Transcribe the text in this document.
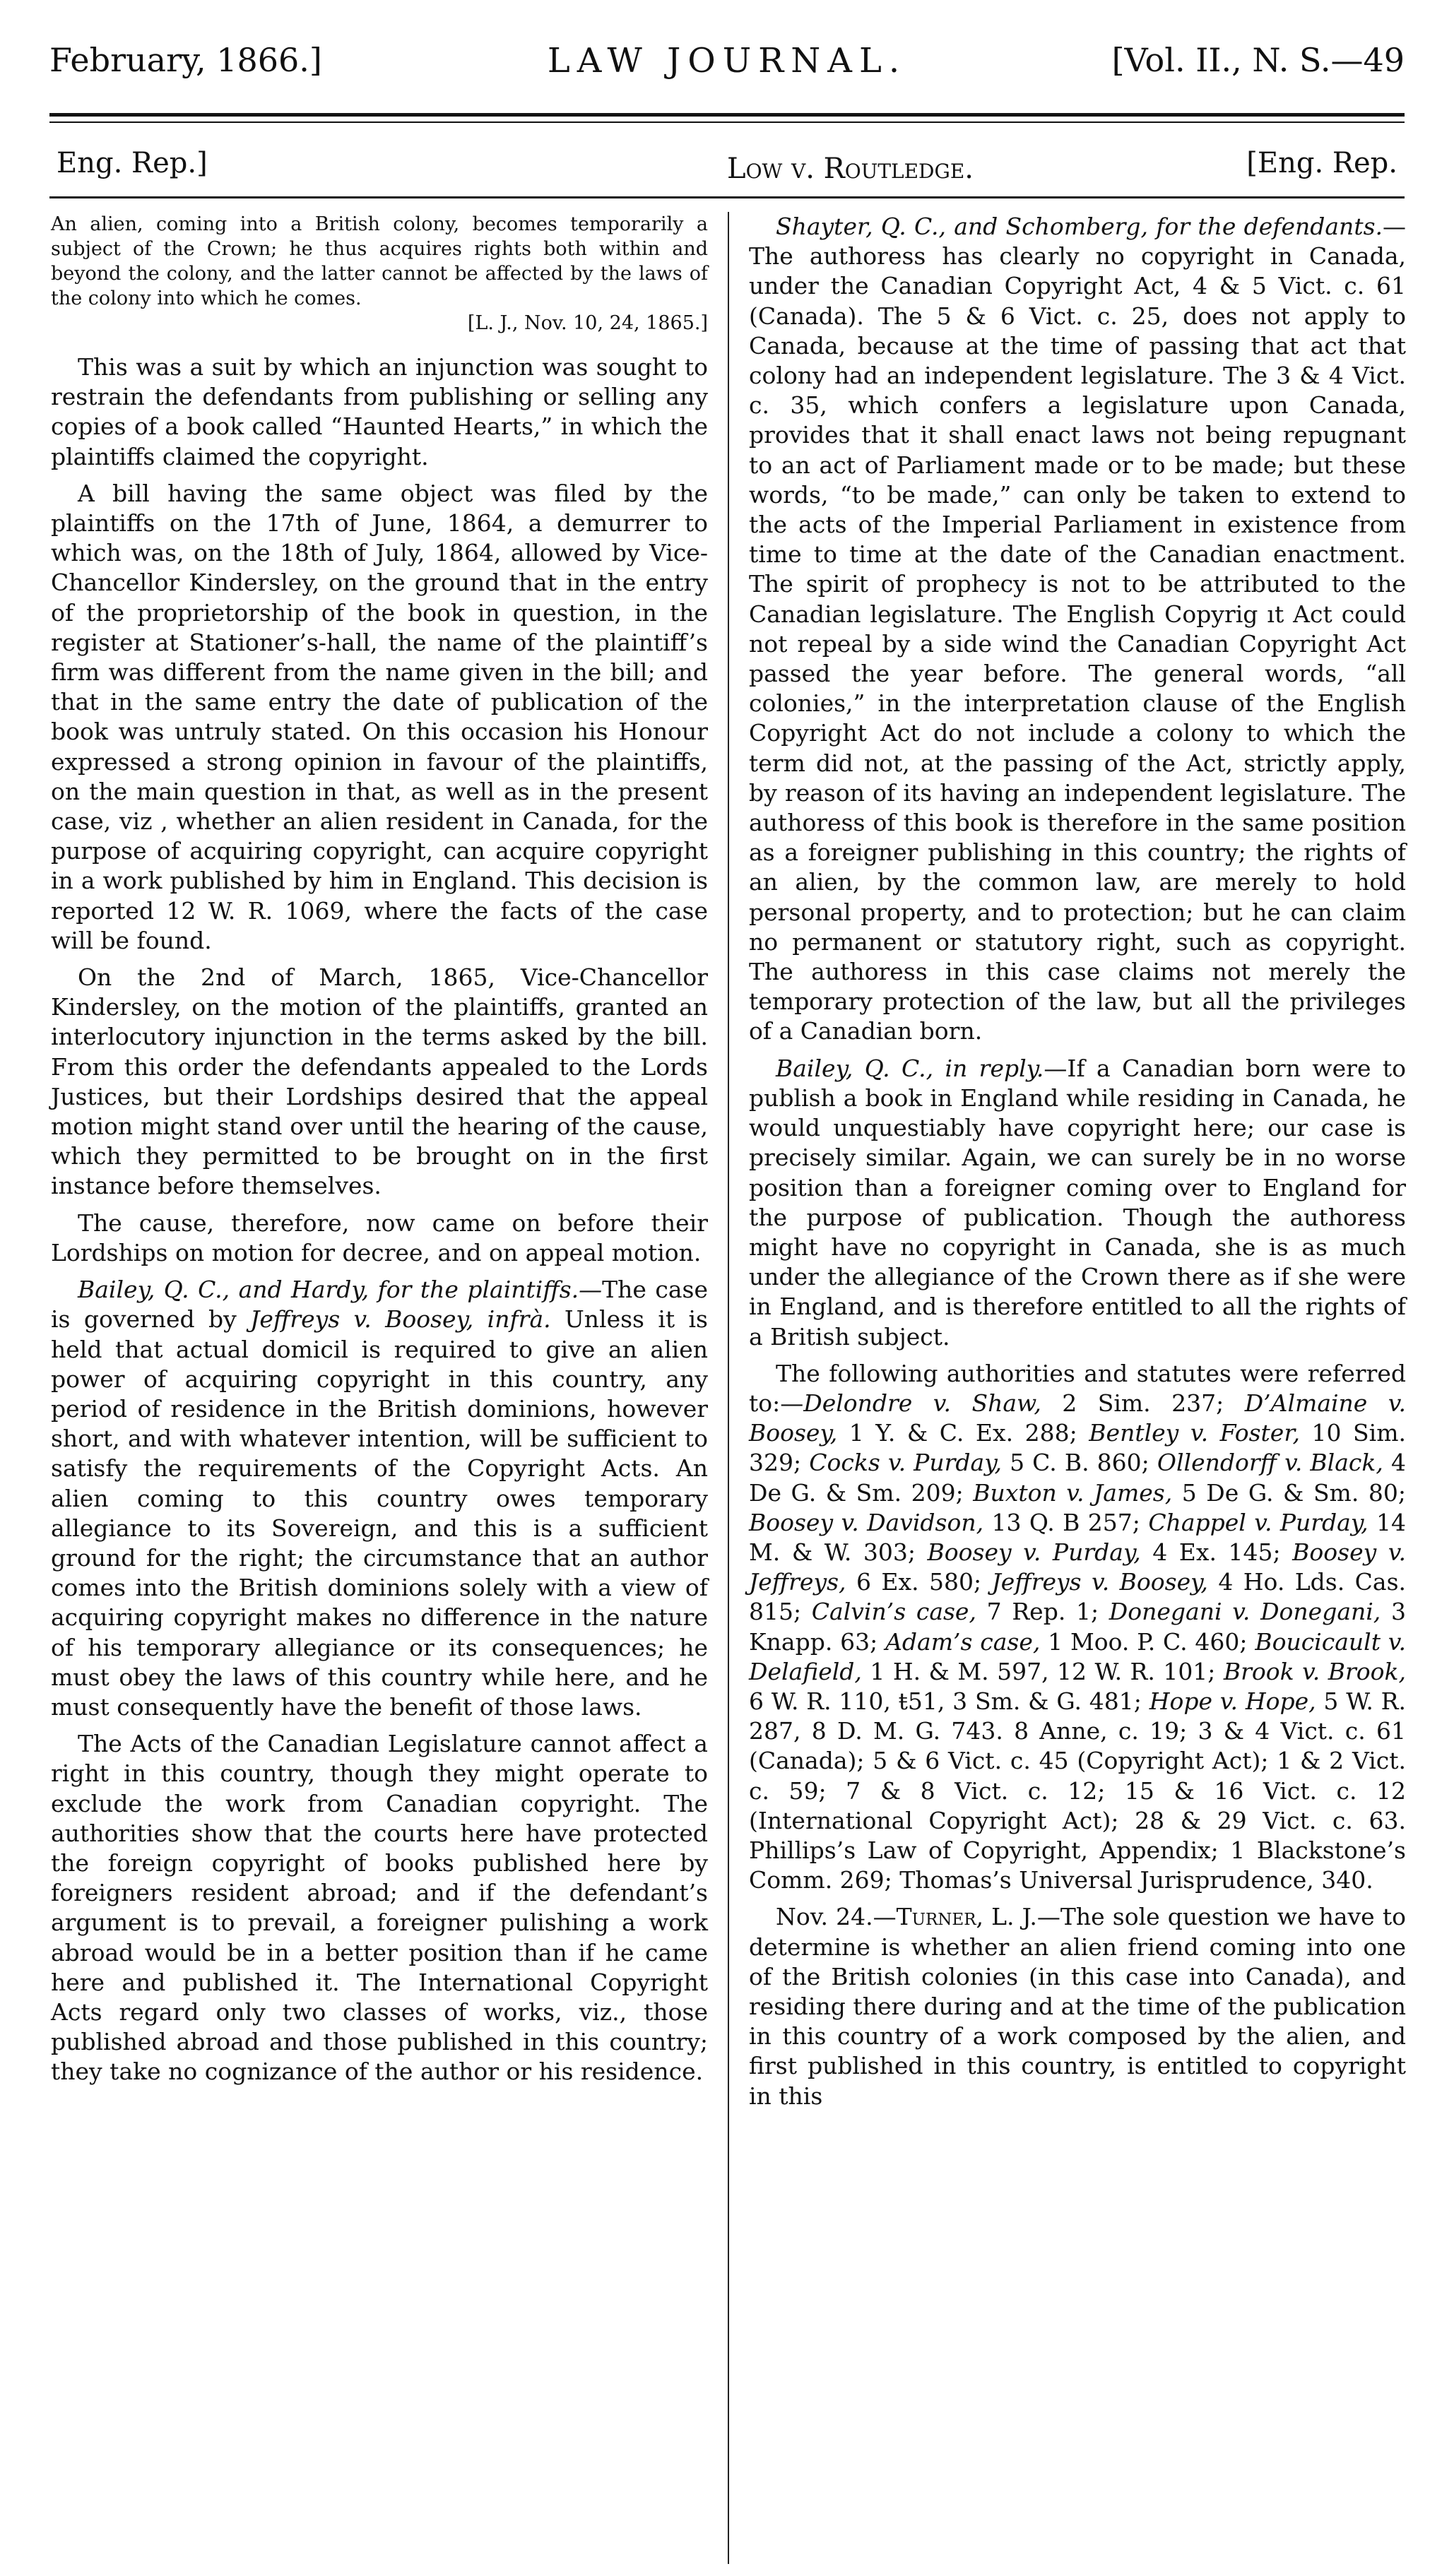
February, 1866.]	LAW JOURNAL.	[Vol. II., N. S.—49
Eng. Rep.]	Low v. Routledge.	[Eng. Rep.

An alien, coming into a British colony, becomes temporarily a subject of the Crown; he thus acquires rights both within and beyond the colony, and the latter cannot be affected by the laws of the colony into which he comes.
[L. J., Nov. 10, 24, 1865.]

This was a suit by which an injunction was sought to restrain the defendants from publishing or selling any copies of a book called “Haunted Hearts,” in which the plaintiffs claimed the copyright.

A bill having the same object was filed by the plaintiffs on the 17th of June, 1864, a demurrer to which was, on the 18th of July, 1864, allowed by Vice-Chancellor Kindersley, on the ground that in the entry of the proprietorship of the book in question, in the register at Stationer’s-hall, the name of the plaintiff’s firm was different from the name given in the bill; and that in the same entry the date of publication of the book was untruly stated. On this occasion his Honour expressed a strong opinion in favour of the plaintiffs, on the main question in that, as well as in the present case, viz , whether an alien resident in Canada, for the purpose of acquiring copyright, can acquire copyright in a work published by him in England. This decision is reported 12 W. R. 1069, where the facts of the case will be found.

On the 2nd of March, 1865, Vice-Chancellor Kindersley, on the motion of the plaintiffs, granted an interlocutory injunction in the terms asked by the bill. From this order the defendants appealed to the Lords Justices, but their Lordships desired that the appeal motion might stand over until the hearing of the cause, which they permitted to be brought on in the first instance before themselves.

The cause, therefore, now came on before their Lordships on motion for decree, and on appeal motion.

Bailey, Q. C., and Hardy, for the plaintiffs.—The case is governed by Jeffreys v. Boosey, infrà. Unless it is held that actual domicil is required to give an alien power of acquiring copyright in this country, any period of residence in the British dominions, however short, and with whatever intention, will be sufficient to satisfy the requirements of the Copyright Acts. An alien coming to this country owes temporary allegiance to its Sovereign, and this is a sufficient ground for the right; the circumstance that an author comes into the British dominions solely with a view of acquiring copyright makes no difference in the nature of his temporary allegiance or its consequences; he must obey the laws of this country while here, and he must consequently have the benefit of those laws.

The Acts of the Canadian Legislature cannot affect a right in this country, though they might operate to exclude the work from Canadian copyright. The authorities show that the courts here have protected the foreign copyright of books published here by foreigners resident abroad; and if the defendant’s argument is to prevail, a foreigner pulishing a work abroad would be in a better position than if he came here and published it. The International Copyright Acts regard only two classes of works, viz., those published abroad and those published in this country; they take no cognizance of the author or his residence.

Shayter, Q. C., and Schomberg, for the defendants.—The authoress has clearly no copyright in Canada, under the Canadian Copyright Act, 4 & 5 Vict. c. 61 (Canada). The 5 & 6 Vict. c. 25, does not apply to Canada, because at the time of passing that act that colony had an independent legislature. The 3 & 4 Vict. c. 35, which confers a legislature upon Canada, provides that it shall enact laws not being repugnant to an act of Parliament made or to be made; but these words, “to be made,” can only be taken to extend to the acts of the Imperial Parliament in existence from time to time at the date of the Canadian enactment. The spirit of prophecy is not to be attributed to the Canadian legislature. The English Copyrig ıt Act could not repeal by a side wind the Canadian Copyright Act passed the year before. The general words, “all colonies,” in the interpretation clause of the English Copyright Act do not include a colony to which the term did not, at the passing of the Act, strictly apply, by reason of its having an independent legislature. The authoress of this book is therefore in the same position as a foreigner publishing in this country; the rights of an alien, by the common law, are merely to hold personal property, and to protection; but he can claim no permanent or statutory right, such as copyright. The authoress in this case claims not merely the temporary protection of the law, but all the privileges of a Canadian born.

Bailey, Q. C., in reply.—If a Canadian born were to publish a book in England while residing in Canada, he would unquestiably have copyright here; our case is precisely similar. Again, we can surely be in no worse position than a foreigner coming over to England for the purpose of publication. Though the authoress might have no copyright in Canada, she is as much under the allegiance of the Crown there as if she were in England, and is therefore entitled to all the rights of a British subject.

The following authorities and statutes were referred to:—Delondre v. Shaw, 2 Sim. 237; D’Almaine v. Boosey, 1 Y. & C. Ex. 288; Bentley v. Foster, 10 Sim. 329; Cocks v. Purday, 5 C. B. 860; Ollendorff v. Black, 4 De G. & Sm. 209; Buxton v. James, 5 De G. & Sm. 80; Boosey v. Davidson, 13 Q. B 257; Chappel v. Purday, 14 M. & W. 303; Boosey v. Purday, 4 Ex. 145; Boosey v. Jeffreys, 6 Ex. 580; Jeffreys v. Boosey, 4 Ho. Lds. Cas. 815; Calvin’s case, 7 Rep. 1; Donegani v. Donegani, 3 Knapp. 63; Adam’s case, 1 Moo. P. C. 460; Boucicault v. Delafield, 1 H. & M. 597, 12 W. R. 101; Brook v. Brook, 6 W. R. 110, ŧ51, 3 Sm. & G. 481; Hope v. Hope, 5 W. R. 287, 8 D. M. G. 743. 8 Anne, c. 19; 3 & 4 Vict. c. 61 (Canada); 5 & 6 Vict. c. 45 (Copyright Act); 1 & 2 Vict. c. 59; 7 & 8 Vict. c. 12; 15 & 16 Vict. c. 12 (International Copyright Act); 28 & 29 Vict. c. 63. Phillips’s Law of Copyright, Appendix; 1 Blackstone’s Comm. 269; Thomas’s Universal Jurisprudence, 340.

Nov. 24.—Turner, L. J.—The sole question we have to determine is whether an alien friend coming into one of the British colonies (in this case into Canada), and residing there during and at the time of the publication in this country of a work composed by the alien, and first published in this country, is entitled to copyright in this
